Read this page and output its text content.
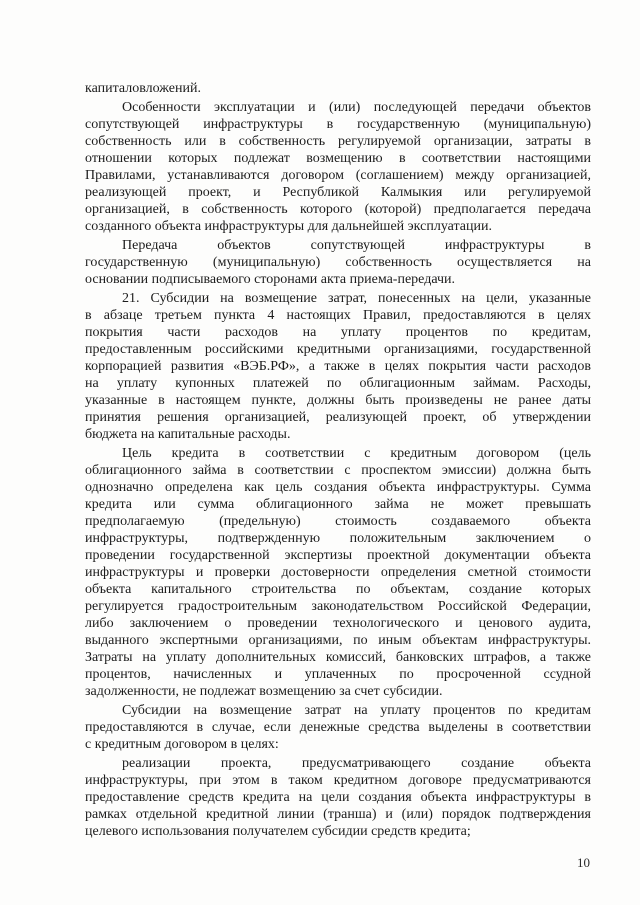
капиталовложений.
Особенности эксплуатации и (или) последующей передачи объектов
сопутствующей инфраструктуры в государственную (муниципальную)
собственность или в собственность регулируемой организации, затраты в
отношении которых подлежат возмещению в соответствии настоящими
Правилами, устанавливаются договором (соглашением) между организацией,
реализующей проект, и Республикой Калмыкия или регулируемой
организацией, в собственность которого (которой) предполагается передача
созданного объекта инфраструктуры для дальнейшей эксплуатации.
Передача объектов сопутствующей инфраструктуры в
государственную (муниципальную) собственность осуществляется на
основании подписываемого сторонами акта приема-передачи.
21. Субсидии на возмещение затрат, понесенных на цели, указанные
в абзаце третьем пункта 4 настоящих Правил, предоставляются в целях
покрытия части расходов на уплату процентов по кредитам,
предоставленным российскими кредитными организациями, государственной
корпорацией развития «ВЭБ.РФ», а также в целях покрытия части расходов
на уплату купонных платежей по облигационным займам. Расходы,
указанные в настоящем пункте, должны быть произведены не ранее даты
принятия решения организацией, реализующей проект, об утверждении
бюджета на капитальные расходы.
Цель кредита в соответствии с кредитным договором (цель
облигационного займа в соответствии с проспектом эмиссии) должна быть
однозначно определена как цель создания объекта инфраструктуры. Сумма
кредита или сумма облигационного займа не может превышать
предполагаемую (предельную) стоимость создаваемого объекта
инфраструктуры, подтвержденную положительным заключением о
проведении государственной экспертизы проектной документации объекта
инфраструктуры и проверки достоверности определения сметной стоимости
объекта капитального строительства по объектам, создание которых
регулируется градостроительным законодательством Российской Федерации,
либо заключением о проведении технологического и ценового аудита,
выданного экспертными организациями, по иным объектам инфраструктуры.
Затраты на уплату дополнительных комиссий, банковских штрафов, а также
процентов, начисленных и уплаченных по просроченной ссудной
задолженности, не подлежат возмещению за счет субсидии.
Субсидии на возмещение затрат на уплату процентов по кредитам
предоставляются в случае, если денежные средства выделены в соответствии
с кредитным договором в целях:
реализации проекта, предусматривающего создание объекта
инфраструктуры, при этом в таком кредитном договоре предусматриваются
предоставление средств кредита на цели создания объекта инфраструктуры в
рамках отдельной кредитной линии (транша) и (или) порядок подтверждения
целевого использования получателем субсидии средств кредита;
10
